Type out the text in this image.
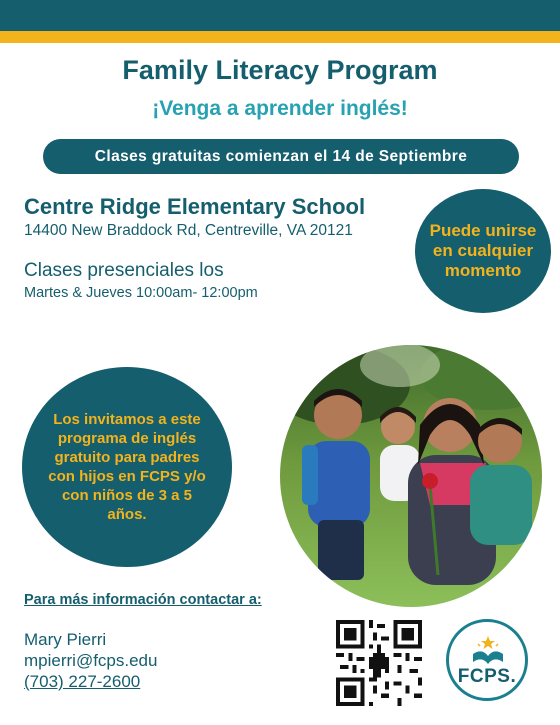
Family Literacy Program
¡Venga a aprender inglés!
Clases gratuitas comienzan el 14 de Septiembre
Centre Ridge Elementary School
14400 New Braddock Rd, Centreville, VA 20121
Clases presenciales los
Martes & Jueves 10:00am- 12:00pm
Puede unirse en cualquier momento
Los invitamos a este programa de inglés gratuito para padres con hijos en FCPS y/o con niños de 3 a 5 años.
Para más información contactar a:
Mary Pierri
mpierri@fcps.edu
(703) 227-2600	FCPS.
